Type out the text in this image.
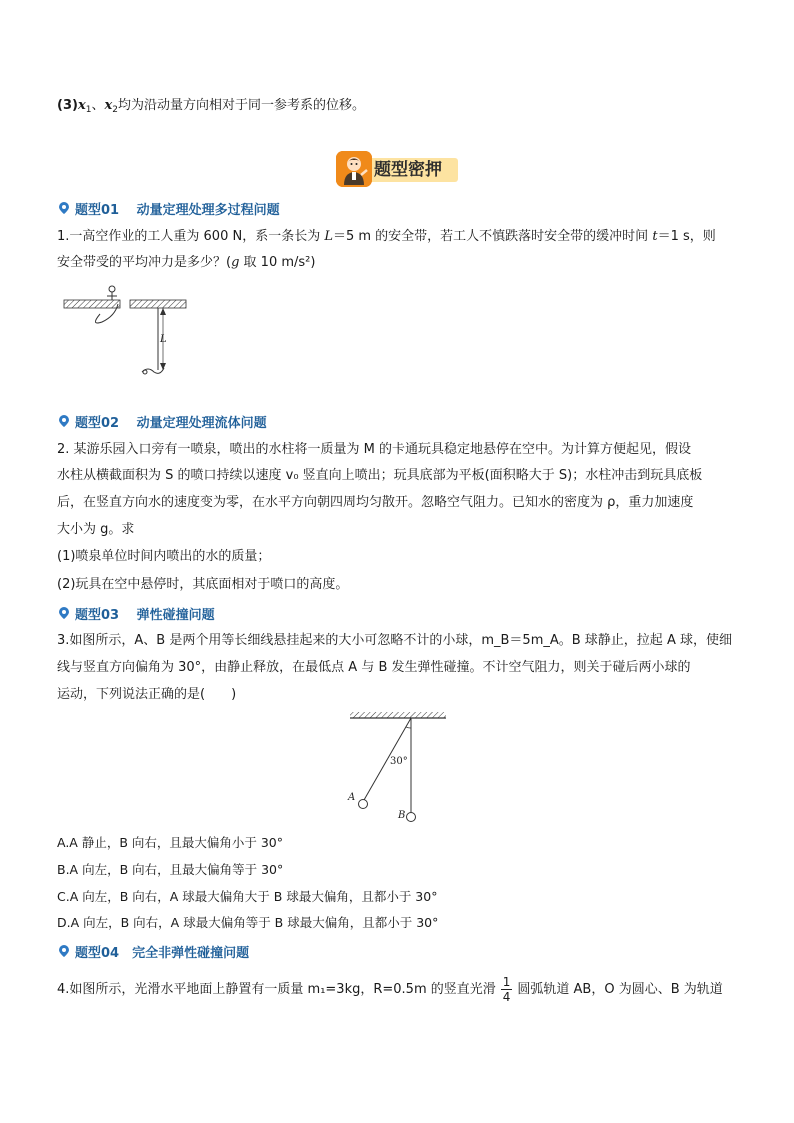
$(3)x_1$、$x_2$均为沿动量方向相对于同一参考系的位移。
题型密押
题型01　 动量定理处理多过程问题
1.一高空作业的工人重为 600 N，系一条长为 L＝5 m 的安全带，若工人不慎跌落时安全带的缓冲时间 t＝1 s，则
安全带受的平均冲力是多少？(g 取 10 m/s²)
L
题型02　 动量定理处理流体问题
2. 某游乐园入口旁有一喷泉，喷出的水柱将一质量为 M 的卡通玩具稳定地悬停在空中。为计算方便起见，假设
水柱从横截面积为 S 的喷口持续以速度 v₀ 竖直向上喷出；玩具底部为平板(面积略大于 S)；水柱冲击到玩具底板
后，在竖直方向水的速度变为零，在水平方向朝四周均匀散开。忽略空气阻力。已知水的密度为 ρ，重力加速度
大小为 g。求
(1)喷泉单位时间内喷出的水的质量；
(2)玩具在空中悬停时，其底面相对于喷口的高度。
题型03　 弹性碰撞问题
3.如图所示，A、B 是两个用等长细线悬挂起来的大小可忽略不计的小球，m_B＝5m_A。B 球静止，拉起 A 球，使细
线与竖直方向偏角为 30°，由静止释放，在最低点 A 与 B 发生弹性碰撞。不计空气阻力，则关于碰后两小球的
运动，下列说法正确的是(　　)
30°
A
B
A.A 静止，B 向右，且最大偏角小于 30°
B.A 向左，B 向右，且最大偏角等于 30°
C.A 向左，B 向右，A 球最大偏角大于 B 球最大偏角，且都小于 30°
D.A 向左，B 向右，A 球最大偏角等于 B 球最大偏角，且都小于 30°
题型04　完全非弹性碰撞问题
4.如图所示，光滑水平地面上静置有一质量 m₁=3kg，R=0.5m 的竖直光滑 $\frac{1}{4}$ 圆弧轨道 AB，O 为圆心、B 为轨道
